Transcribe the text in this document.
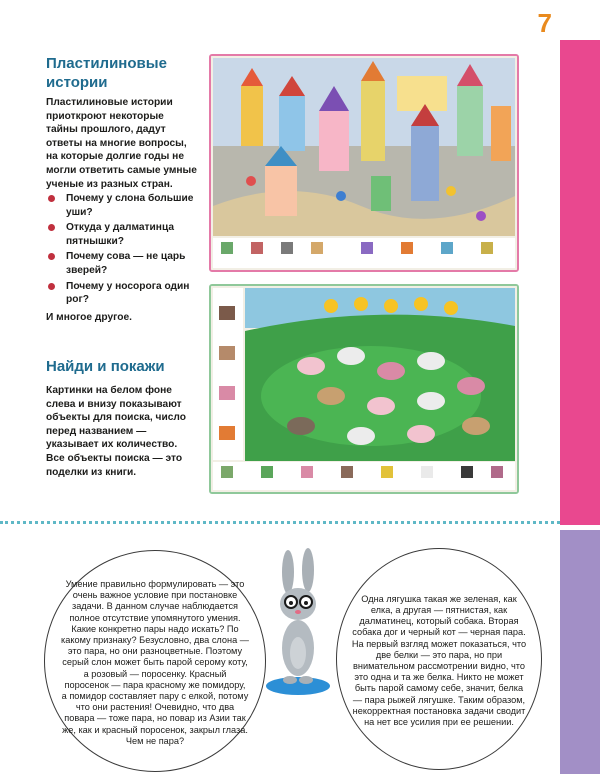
7
Пластилиновые
истории

Пластилиновые истории приоткроют некоторые тайны прошлого, дадут ответы на многие вопросы, на которые долгие годы не могли ответить самые умные ученые из разных стран.

Почему у слона большие уши?
Откуда у далматинца пятнышки?
Почему сова — не царь зверей?
Почему у носорога один рог?

И многое другое.

Найди и покажи

Картинки на белом фоне слева и внизу показывают объекты для поиска, число перед названием — указывает их количество. Все объекты поиска — это поделки из книги.

Умение правильно формулировать — это очень важное условие при постановке задачи. В данном случае наблюдается полное отсутствие упомянутого умения. Какие конкретно пары надо искать? По какому признаку? Безусловно, два слона — это пара, но они разноцветные. Поэтому серый слон может быть парой серому коту, а розовый — поросенку. Красный поросенок — пара красному же помидору, а помидор составляет пару с елкой, потому что они растения! Очевидно, что два повара — тоже пара, но повар из Азии так же, как и красный поросенок, закрыл глаза. Чем не пара?

Одна лягушка такая же зеленая, как елка, а другая — пятнистая, как далматинец, который собака. Вторая собака дог и черный кот — черная пара. На первый взгляд может показаться, что две белки — это пара, но при внимательном рассмотрении видно, что это одна и та же белка. Никто не может быть парой самому себе, значит, белка — пара рыжей лягушке. Таким образом, некорректная постановка задачи сводит на нет все усилия при ее решении.
